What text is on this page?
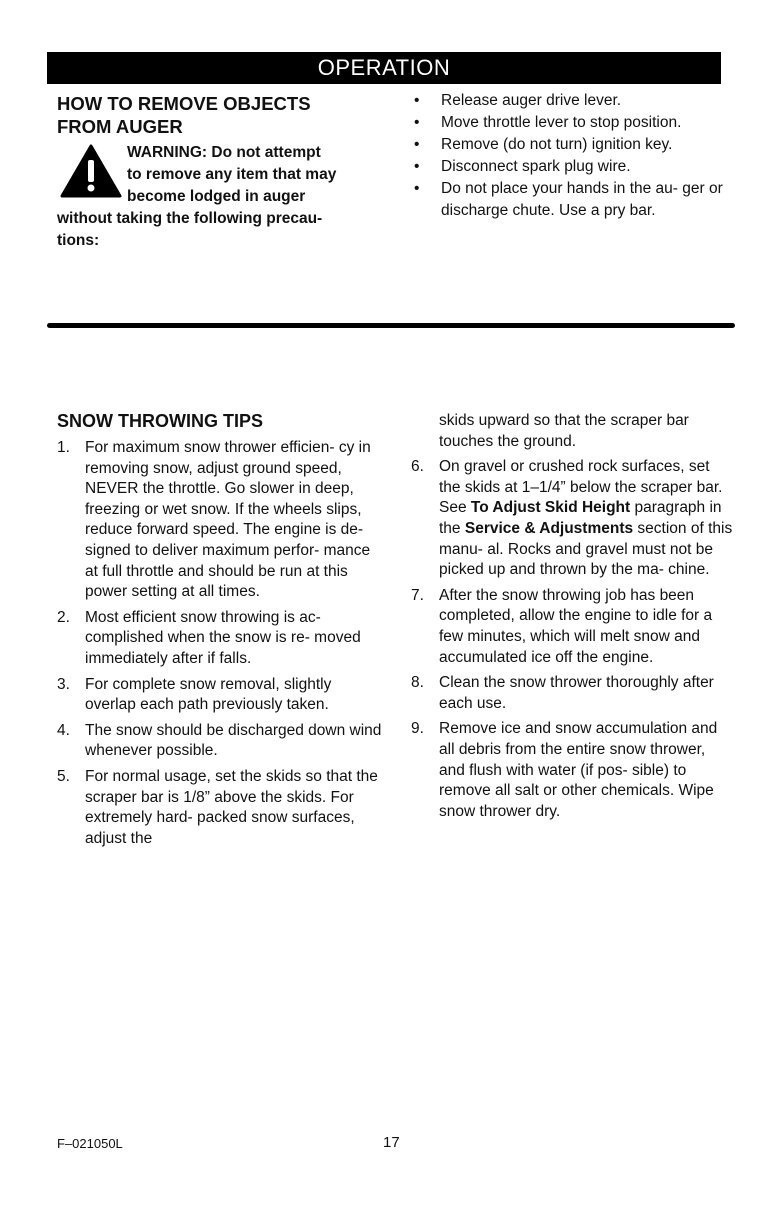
OPERATION
HOW TO REMOVE OBJECTS
FROM AUGER
WARNING: Do not attempt
to remove any item that may
become lodged in auger
without taking the following precau-
tions:
• Release auger drive lever.
• Move throttle lever to stop position.
• Remove (do not turn) ignition key.
• Disconnect spark plug wire.
• Do not place your hands in the au- ger or discharge chute. Use a pry bar.
SNOW THROWING TIPS
1. For maximum snow thrower efficien- cy in removing snow, adjust ground speed, NEVER the throttle. Go slower in deep, freezing or wet snow. If the wheels slips, reduce forward speed. The engine is de- signed to deliver maximum perfor- mance at full throttle and should be run at this power setting at all times.
2. Most efficient snow throwing is ac- complished when the snow is re- moved immediately after if falls.
3. For complete snow removal, slightly overlap each path previously taken.
4. The snow should be discharged down wind whenever possible.
5. For normal usage, set the skids so that the scraper bar is 1/8” above the skids. For extremely hard- packed snow surfaces, adjust the
skids upward so that the scraper bar touches the ground.
6. On gravel or crushed rock surfaces, set the skids at 1–1/4” below the scraper bar. See To Adjust Skid Height paragraph in the Service & Adjustments section of this manu- al. Rocks and gravel must not be picked up and thrown by the ma- chine.
7. After the snow throwing job has been completed, allow the engine to idle for a few minutes, which will melt snow and accumulated ice off the engine.
8. Clean the snow thrower thoroughly after each use.
9. Remove ice and snow accumulation and all debris from the entire snow thrower, and flush with water (if pos- sible) to remove all salt or other chemicals. Wipe snow thrower dry.
F–021050L	17
